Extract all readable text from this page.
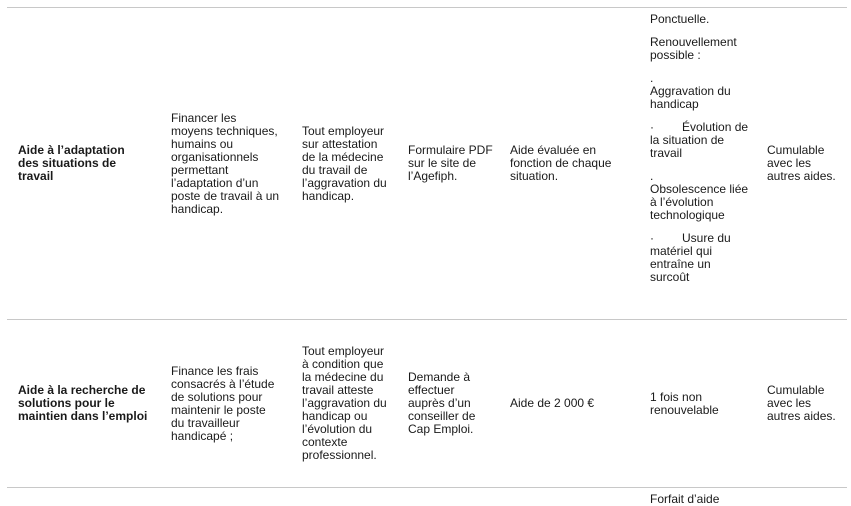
Aide à l’adaptation des situations de travail
Financer les moyens techniques, humains ou organisationnels permettant l’adaptation d’un poste de travail à un handicap.
Tout employeur sur attestation de la médecine du travail de l’aggravation du handicap.
Formulaire PDF sur le site de l’Agefiph.
Aide évaluée en fonction de chaque situation.

Ponctuelle.

Renouvellement possible :

.
Aggravation du handicap

· Évolution de la situation de travail

.
Obsolescence liée à l’évolution technologique

· Usure du matériel qui entraîne un surcoût

Cumulable avec les autres aides.
Aide à la recherche de solutions pour le maintien dans l’emploi
Finance les frais consacrés à l’étude de solutions pour maintenir le poste du travailleur handicapé ;
Tout employeur à condition que la médecine du travail atteste l’aggravation du handicap ou l’évolution du contexte professionnel.
Demande à effectuer auprès d’un conseiller de Cap Emploi.
Aide de 2 000 €	1 fois non renouvelable
Cumulable avec les autres aides.
Forfait d’aide
